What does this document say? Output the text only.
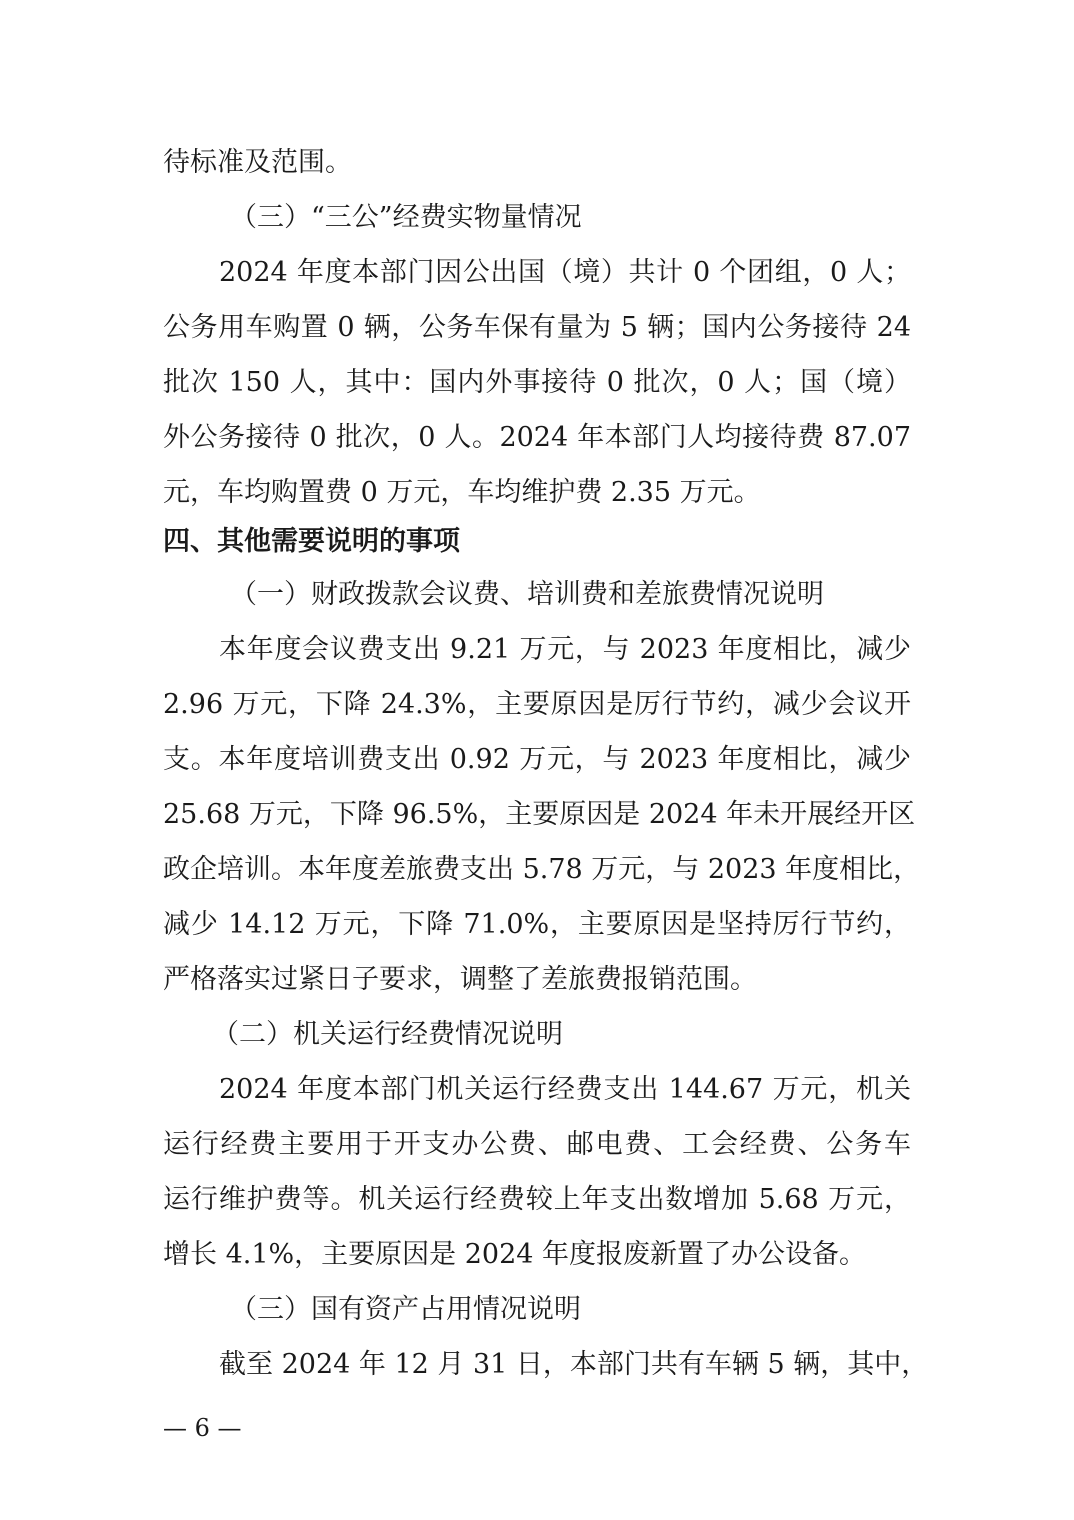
待标准及范围。
（三）“三公”经费实物量情况
2024 年度本部门因公出国（境）共计 0 个团组，0 人；
公务用车购置 0 辆，公务车保有量为 5 辆；国内公务接待 24
批次 150 人，其中：国内外事接待 0 批次，0 人；国（境）
外公务接待 0 批次，0 人。2024 年本部门人均接待费 87.07
元，车均购置费 0 万元，车均维护费 2.35 万元。
四、其他需要说明的事项
（一）财政拨款会议费、培训费和差旅费情况说明
本年度会议费支出 9.21 万元，与 2023 年度相比，减少
2.96 万元，下降 24.3%，主要原因是厉行节约，减少会议开
支。本年度培训费支出 0.92 万元，与 2023 年度相比，减少
25.68 万元，下降 96.5%，主要原因是 2024 年未开展经开区
政企培训。本年度差旅费支出 5.78 万元，与 2023 年度相比，
减少 14.12 万元，下降 71.0%，主要原因是坚持厉行节约，
严格落实过紧日子要求，调整了差旅费报销范围。
（二）机关运行经费情况说明
2024 年度本部门机关运行经费支出 144.67 万元，机关
运行经费主要用于开支办公费、邮电费、工会经费、公务车
运行维护费等。机关运行经费较上年支出数增加 5.68 万元，
增长 4.1%，主要原因是 2024 年度报废新置了办公设备。
（三）国有资产占用情况说明
截至 2024 年 12 月 31 日，本部门共有车辆 5 辆，其中，
— 6 —
